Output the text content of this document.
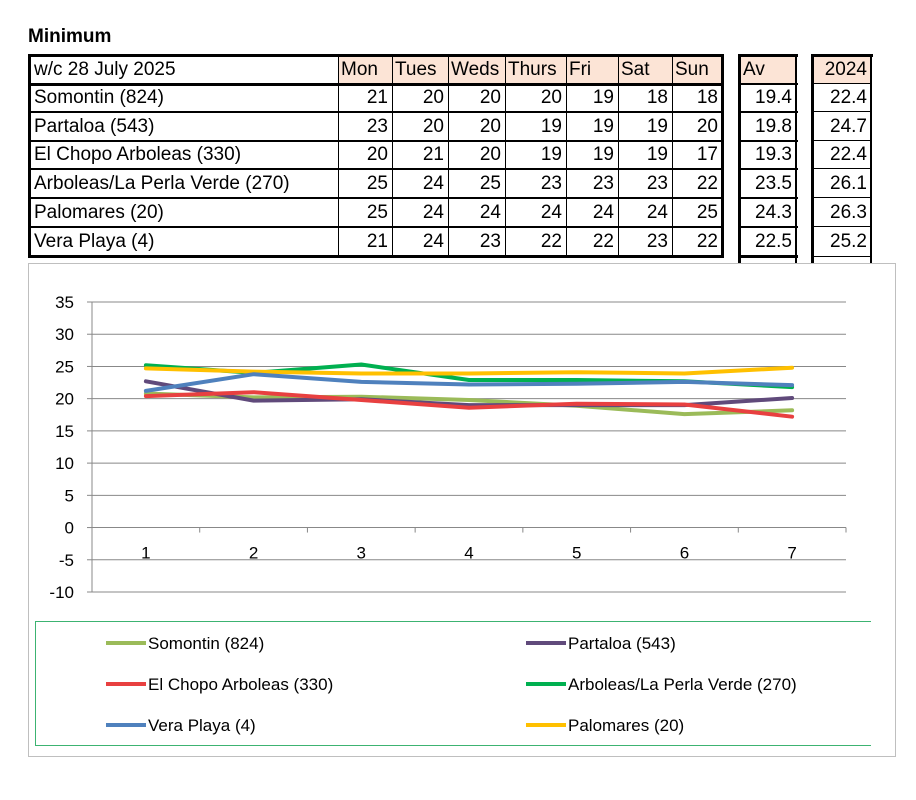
Minimum
w/c 28 July 2025	Mon Tues Weds Thurs Fri	Sat	Sun	Av	2024
Somontin (824)	21	20	20	20	19	18	18	19.4	22.4
Partaloa (543)	23	20	20	19	19	19	20	19.8	24.7
El Chopo Arboleas (330)	20	21	20	19	19	19	17	19.3	22.4
Arboleas/La Perla Verde (270)	25	24	25	23	23	23	22	23.5	26.1
Palomares (20)	25	24	24	24	24	24	25	24.3	26.3
Vera Playa (4)	21	24	23	22	22	23	22	22.5	25.2
35
30
25
20
15
10
5
0
-5
-10
1	2	3	4	5	6	7
Somontin (824)	Partaloa (543)
El Chopo Arboleas (330)	Arboleas/La Perla Verde (270)
Vera Playa (4)	Palomares (20)
